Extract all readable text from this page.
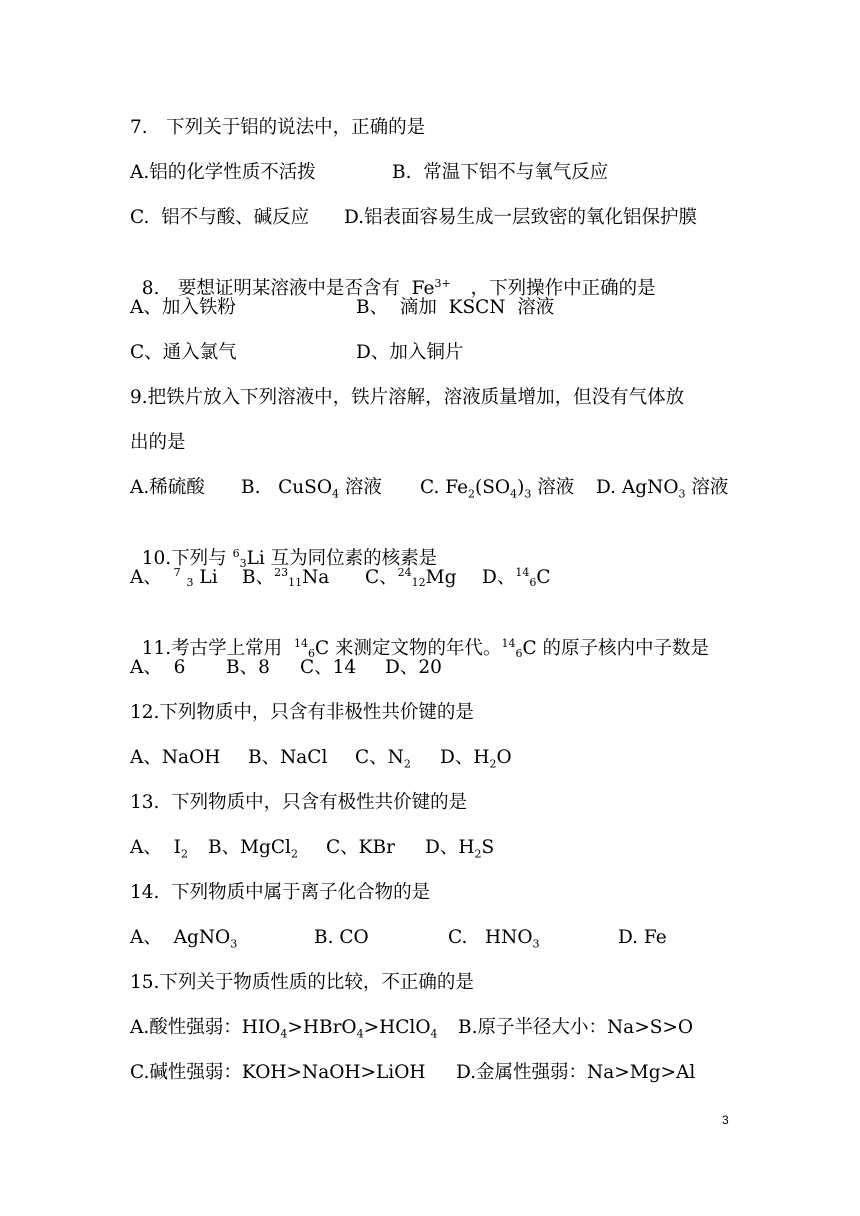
7.　下列关于铝的说法中，正确的是

A.铝的化学性质不活拨

	B.  常温下铝不与氧气反应

C.  铝不与酸、碱反应

D.铝表面容易生成一层致密的氧化铝保护膜

8.　要想证明某溶液中是否含有  $Fe^{3+}$ ，下列操作中正确的是

A、加入铁粉

	B、  滴加  KSCN  溶液

C、通入氯气

	D、加入铜片

9.把铁片放入下列溶液中，铁片溶解，溶液质量增加，但没有气体放
出的是

A.稀硫酸

B.   CuSO$_4$ 溶液

C. $Fe_2(SO_4)_3$ 溶液

D. AgNO$_3$ 溶液

10.下列与 $^6$3Li 互为同位素的核素是

A、 $^7$ 3 Li

B、$^{23}$11Na

C、$^{24}$12Mg

D、$^{14}$6C

11.考古学上常用  $^{14}$6C 来测定文物的年代。$^{14}$6C 的原子核内中子数是

A、  6

B、8

C、14

D、20

12.下列物质中，只含有非极性共价键的是

A、NaOH

B、NaCl

C、$N_2$

D、$H_2O$

13.  下列物质中，只含有极性共价键的是

A、  $I_2$

B、MgCl$_2$

C、KBr

D、$H_2S$

14.  下列物质中属于离子化合物的是

A、  AgNO$_3$

	B. CO

	C.   $HNO_3$

	D. Fe

15.下列关于物质性质的比较，不正确的是

A.酸性强弱：$HIO_4>HBrO_4>HClO_4$

B.原子半径大小：Na>S>O

C.碱性强弱：KOH>NaOH>LiOH

D.金属性强弱：Na>Mg>Al

3
